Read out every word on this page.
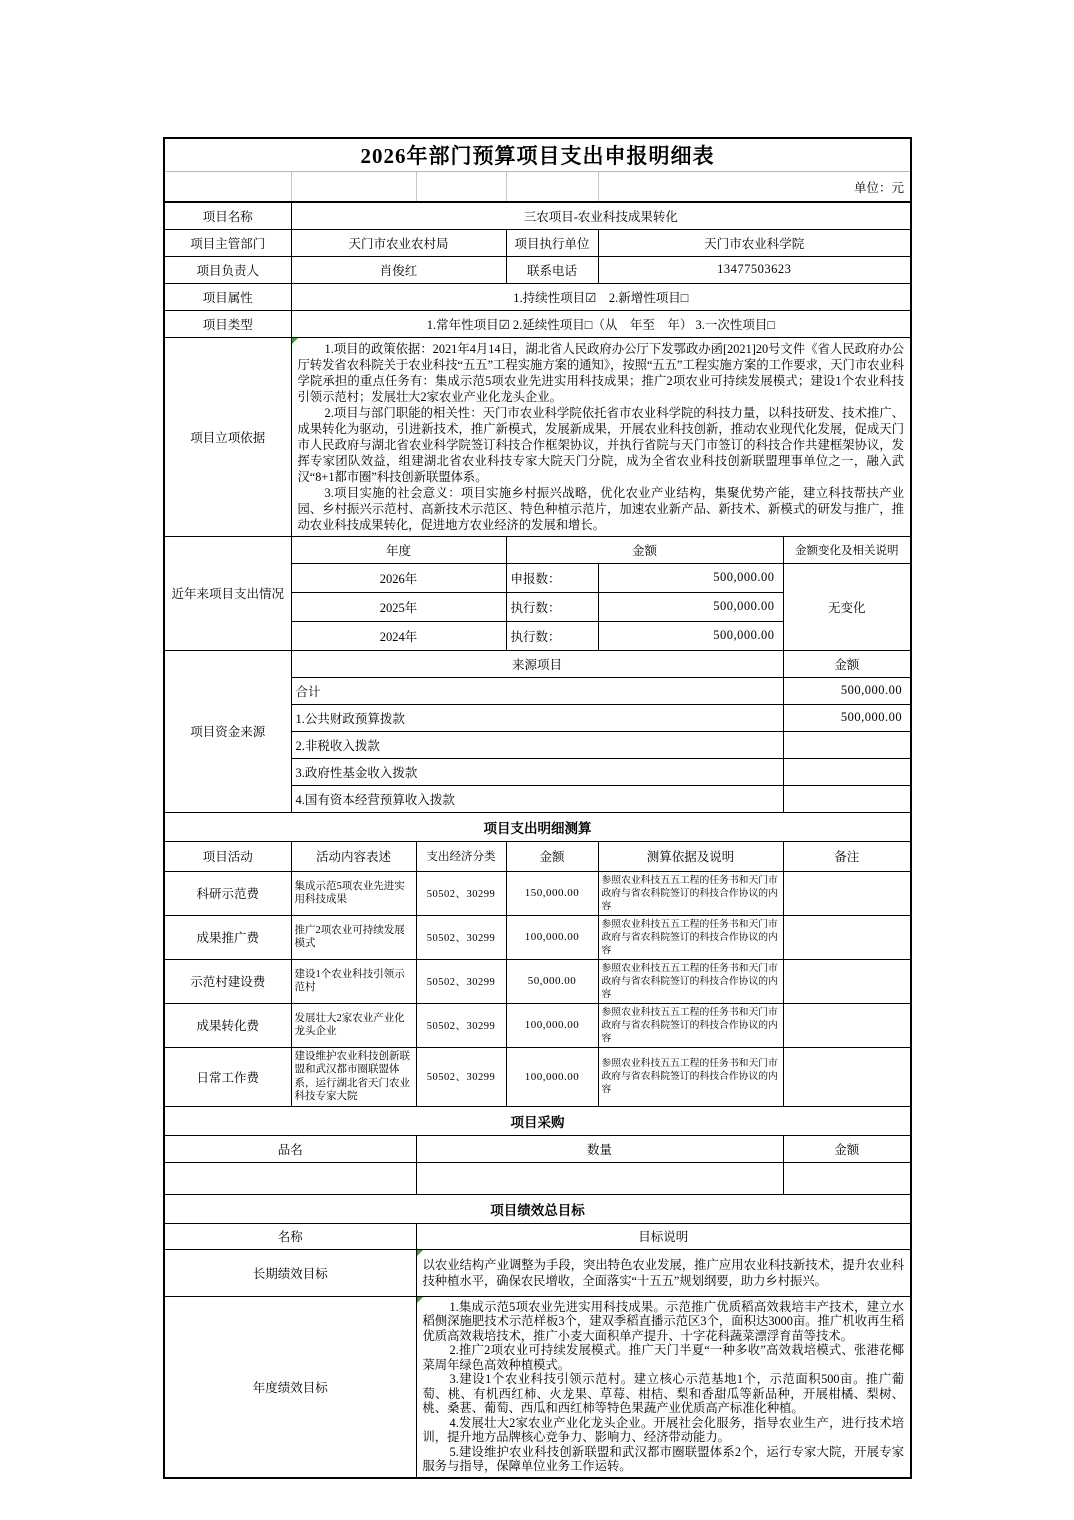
2026年部门预算项目支出申报明细表					
				单位：元	
项目名称	三农项目-农业科技成果转化				
项目主管部门	天门市农业农村局		项目执行单位	天门市农业科学院	
项目负责人	肖俊红		联系电话	13477503623	
项目属性	1.持续性项目☑　2.新增性项目□				
项目类型	1.常年性项目☑ 2.延续性项目□（从　年至　年） 3.一次性项目□				
项目立项依据	1.项目的政策依据：2021年4月14日，湖北省人民政府办公厅下发鄂政办函[2021]20号文件《省人民政府办公厅转发省农科院关于农业科技“五五”工程实施方案的通知》，按照“五五”工程实施方案的工作要求，天门市农业科学院承担的重点任务有：集成示范5项农业先进实用科技成果；推广2项农业可持续发展模式；建设1个农业科技引领示范村；发展壮大2家农业产业化龙头企业。
2.项目与部门职能的相关性：天门市农业科学院依托省市农业科学院的科技力量，以科技研发、技术推广、成果转化为驱动，引进新技术，推广新模式，发展新成果，开展农业科技创新，推动农业现代化发展，促成天门市人民政府与湖北省农业科学院签订科技合作框架协议，并执行省院与天门市签订的科技合作共建框架协议，发挥专家团队效益，组建湖北省农业科技专家大院天门分院，成为全省农业科技创新联盟理事单位之一，融入武汉“8+1都市圈”科技创新联盟体系。
3.项目实施的社会意义：项目实施乡村振兴战略，优化农业产业结构，集聚优势产能，建立科技帮扶产业园、乡村振兴示范村、高新技术示范区、特色种植示范片，加速农业新产品、新技术、新模式的研发与推广，推动农业科技成果转化，促进地方农业经济的发展和增长。				

近年来项目支出情况	年度		金额		金额变化及相关说明
	2026年		申报数：	500,000.00	无变化
	2025年		执行数：	500,000.00	
	2024年		执行数：	500,000.00	
项目资金来源	来源项目				金额
	合计				500,000.00
	1.公共财政预算拨款				500,000.00
	2.非税收入拨款				
	3.政府性基金收入拨款				
	4.国有资本经营预算收入拨款				
项目支出明细测算					
项目活动	活动内容表述	支出经济分类	金额	测算依据及说明	备注
科研示范费	集成示范5项农业先进实用科技成果	50502、30299	150,000.00	参照农业科技五五工程的任务书和天门市政府与省农科院签订的科技合作协议的内容	
成果推广费	推广2项农业可持续发展模式	50502、30299	100,000.00	参照农业科技五五工程的任务书和天门市政府与省农科院签订的科技合作协议的内容	
示范村建设费	建设1个农业科技引领示范村	50502、30299	50,000.00	参照农业科技五五工程的任务书和天门市政府与省农科院签订的科技合作协议的内容	
成果转化费	发展壮大2家农业产业化龙头企业	50502、30299	100,000.00	参照农业科技五五工程的任务书和天门市政府与省农科院签订的科技合作协议的内容	
日常工作费	建设维护农业科技创新联盟和武汉都市圈联盟体系，运行湖北省天门农业科技专家大院	50502、30299	100,000.00	参照农业科技五五工程的任务书和天门市政府与省农科院签订的科技合作协议的内容	
项目采购					
品名		数量			金额

项目绩效总目标					
名称		目标说明			
长期绩效目标		以农业结构产业调整为手段，突出特色农业发展，推广应用农业科技新技术，提升农业科技种植水平，确保农民增收，全面落实“十五五”规划纲要，助力乡村振兴。			
年度绩效目标		1.集成示范5项农业先进实用科技成果。示范推广优质稻高效栽培丰产技术，建立水稻侧深施肥技术示范样板3个，建双季稻直播示范区3个，面积达3000亩。推广机收再生稻优质高效栽培技术，推广小麦大面积单产提升、十字花科蔬菜漂浮育苗等技术。
2.推广2项农业可持续发展模式。推广天门半夏“一种多收”高效栽培模式、张港花椰菜周年绿色高效种植模式。
3.建设1个农业科技引领示范村。建立核心示范基地1个，示范面积500亩。推广葡萄、桃、有机西红柿、火龙果、草莓、柑桔、梨和香甜瓜等新品种，开展柑橘、梨树、桃、桑葚、葡萄、西瓜和西红柿等特色果蔬产业优质高产标准化种植。
4.发展壮大2家农业产业化龙头企业。开展社会化服务，指导农业生产，进行技术培训，提升地方品牌核心竞争力、影响力、经济带动能力。
5.建设维护农业科技创新联盟和武汉都市圈联盟体系2个，运行专家大院，开展专家服务与指导，保障单位业务工作运转。			
